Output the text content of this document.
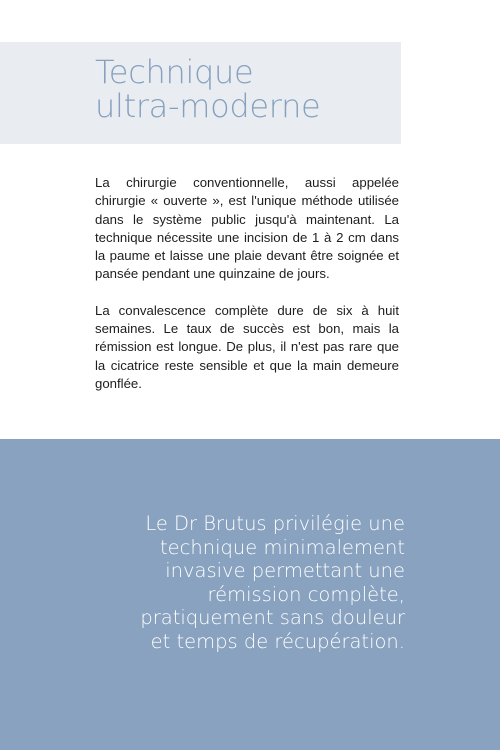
Technique
ultra-moderne

La chirurgie conventionnelle, aussi appelée chirurgie « ouverte », est l'unique méthode utilisée dans le système public jusqu'à maintenant. La technique nécessite une incision de 1 à 2 cm dans la paume et laisse une plaie devant être soignée et pansée pendant une quinzaine de jours.

La convalescence complète dure de six à huit semaines. Le taux de succès est bon, mais la rémission est longue. De plus, il n'est pas rare que la cicatrice reste sensible et que la main demeure gonflée.

Le Dr Brutus privilégie une
technique minimalement
invasive permettant une
rémission complète,
pratiquement sans douleur
et temps de récupération.
